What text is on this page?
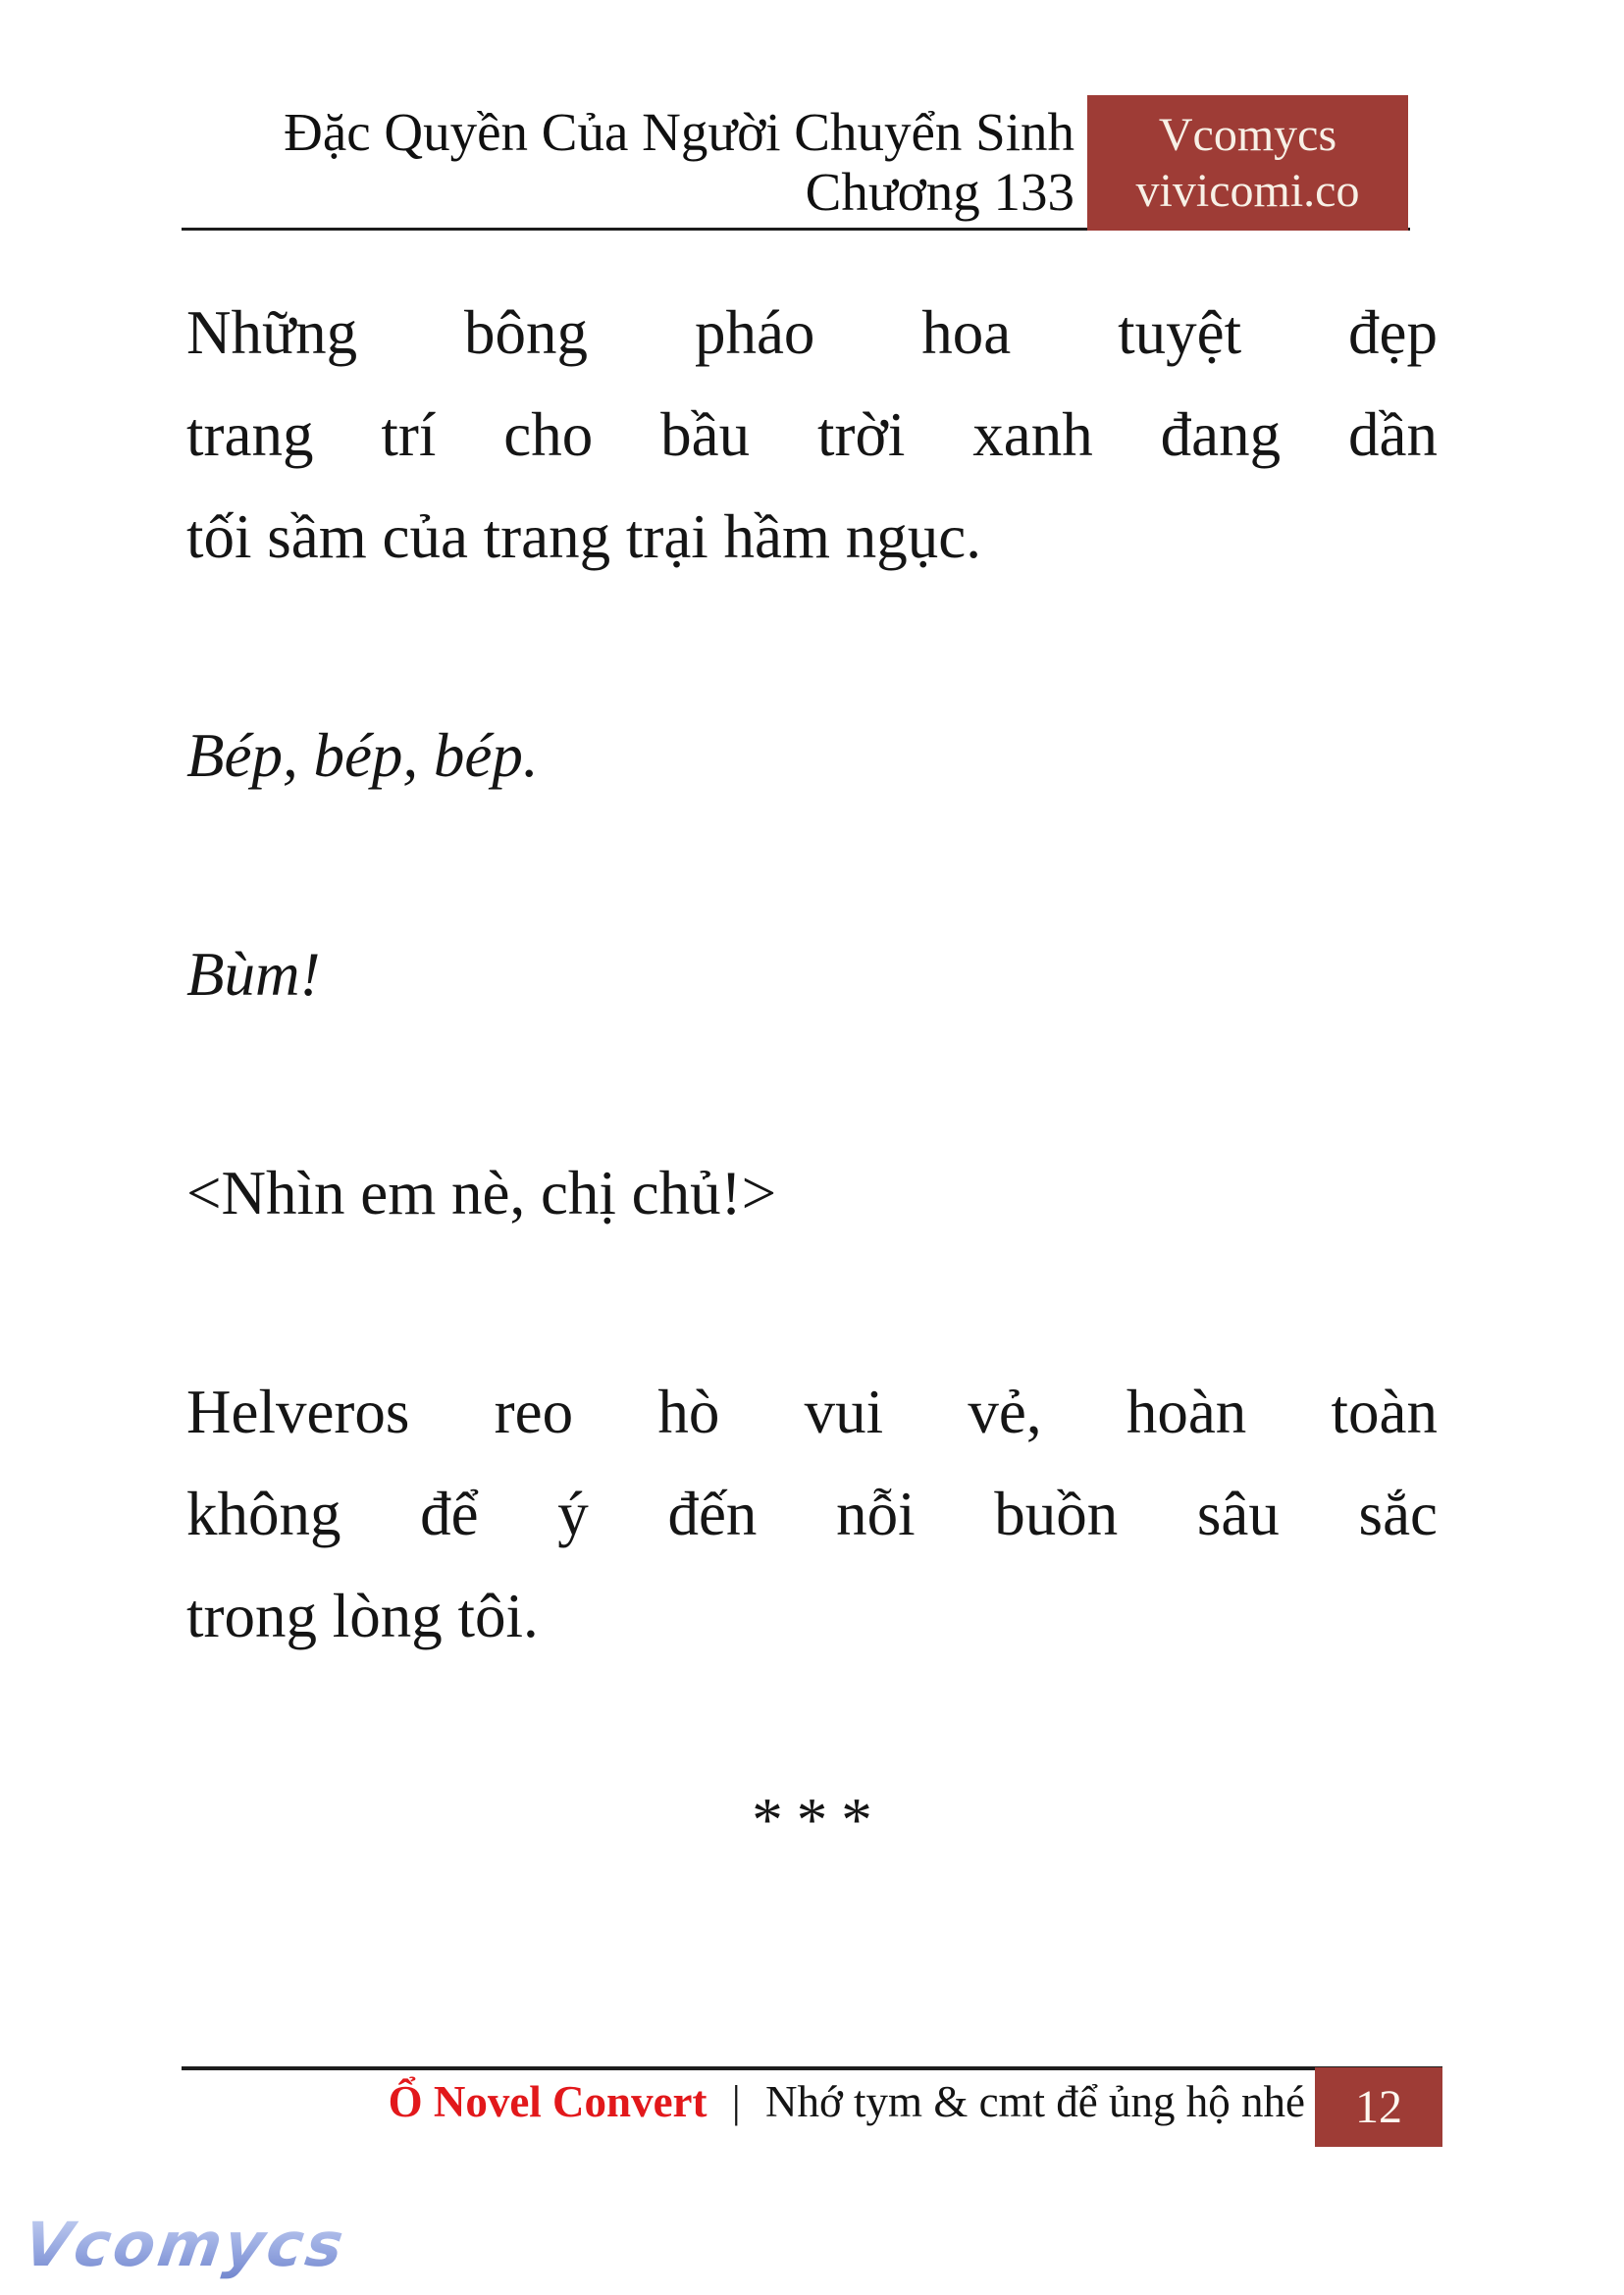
Đặc Quyền Của Người Chuyển Sinh
Chương 133
Vcomycs
vivicomi.co
Những bông pháo hoa tuyệt đẹp
trang trí cho bầu trời xanh đang dần
tối sầm của trang trại hầm ngục.
Bép, bép, bép.
Bùm!
<Nhìn em nè, chị chủ!>
Helveros reo hò vui vẻ, hoàn toàn
không để ý đến nỗi buồn sâu sắc
trong lòng tôi.
***
Ổ Novel Convert | Nhớ tym & cmt để ủng hộ nhé 12
Vcomycs
